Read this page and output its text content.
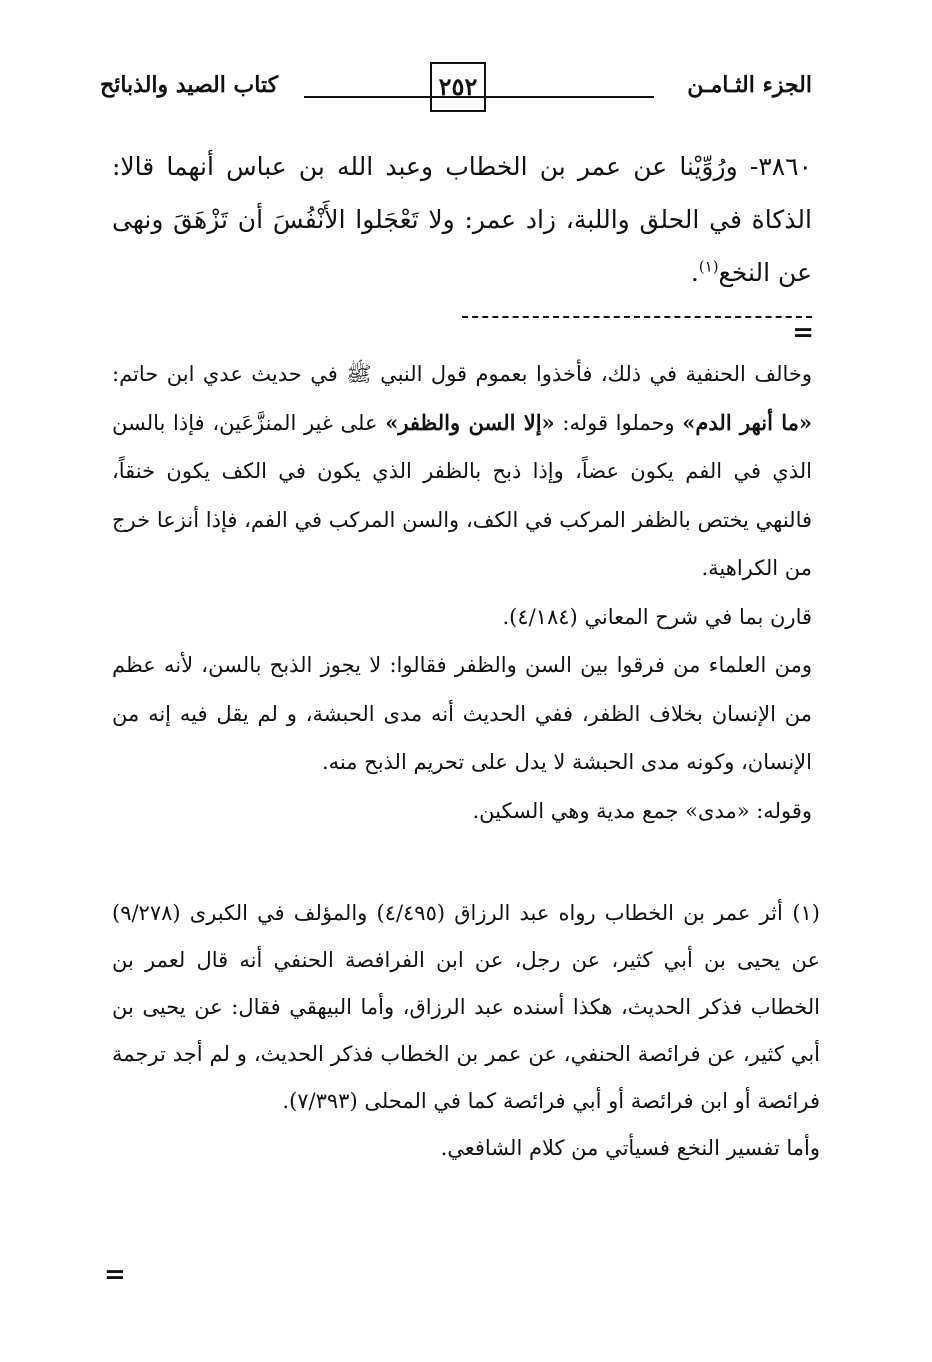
الجزء الثـامـن
٢٥٢
كتاب الصيد والذبائح

٣٨٦٠- ورُوِّيْنا عن عمر بن الخطاب وعبد الله بن عباس أنهما قالا: الذكاة في الحلق واللبة، زاد عمر: ولا تَعْجَلوا الأَنْفُسَ أن تَزْهَقَ ونهى عن النخع$^{(١)}$.

=

وخالف الحنفية في ذلك، فأخذوا بعموم قول النبي ﷺ في حديث عدي ابن حاتم: «ما أنهر الدم» وحملوا قوله: «إلا السن والظفر» على غير المنزَّعَين، فإذا بالسن الذي في الفم يكون عضاً، وإذا ذبح بالظفر الذي يكون في الكف يكون خنقاً، فالنهي يختص بالظفر المركب في الكف، والسن المركب في الفم، فإذا أنزعا خرج من الكراهية.

قارن بما في شرح المعاني (٤/١٨٤).

ومن العلماء من فرقوا بين السن والظفر فقالوا: لا يجوز الذبح بالسن، لأنه عظم من الإنسان بخلاف الظفر، ففي الحديث أنه مدى الحبشة، و لم يقل فيه إنه من الإنسان، وكونه مدى الحبشة لا يدل على تحريم الذبح منه.

وقوله: «مدى» جمع مدية وهي السكين.

(١) أثر عمر بن الخطاب رواه عبد الرزاق (٤/٤٩٥) والمؤلف في الكبرى (٩/٢٧٨) عن يحيى بن أبي كثير، عن رجل، عن ابن الفرافصة الحنفي أنه قال لعمر بن الخطاب فذكر الحديث، هكذا أسنده عبد الرزاق، وأما البيهقي فقال: عن يحيى بن أبي كثير، عن فرائصة الحنفي، عن عمر بن الخطاب فذكر الحديث، و لم أجد ترجمة فرائصة أو ابن فرائصة أو أبي فرائصة كما في المحلى (٧/٣٩٣).

وأما تفسير النخع فسيأتي من كلام الشافعي.

=
